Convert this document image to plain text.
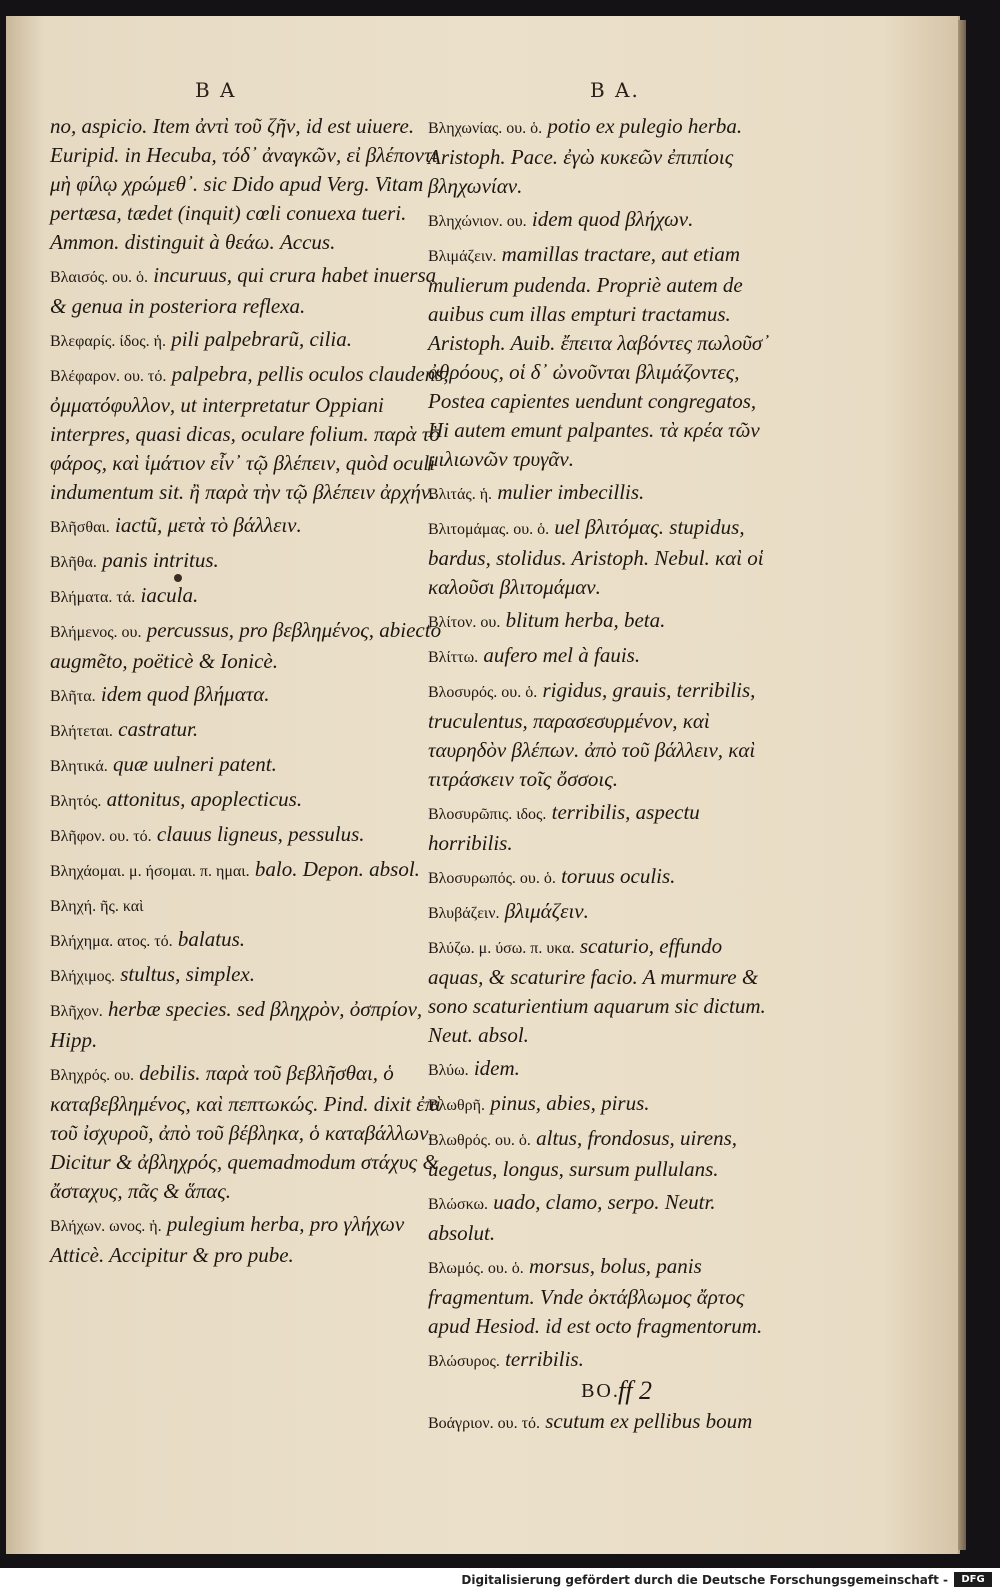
B A	B A.
no, aspicio. Item ἀντὶ τοῦ ζῆν, id est uiuere. Euripid. in Hecuba, τόδ᾽ ἀναγκῶν, εἰ βλέποντι μὴ φίλῳ χρώμεθ᾽. sic Dido apud Verg. Vitam pertæsa, tædet (inquit) cœli conuexa tueri. Ammon. distinguit à θεάω. Accus.
Βλαισός. ου. ὁ. incuruus, qui crura habet inuersa & genua in posteriora reflexa.
Βλεφαρίς. ίδος. ἡ. pili palpebrarũ, cilia.
Βλέφαρον. ου. τό. palpebra, pellis oculos claudens, ὀμματόφυλλον, ut interpretatur Oppiani interpres, quasi dicas, oculare folium. παρὰ τὸ φάρος, καὶ ἱμάτιον εἶν᾽ τῷ βλέπειν, quòd oculi indumentum sit. ἢ παρὰ τὴν τῷ βλέπειν ἀρχήν.
Βλῆσθαι. iactũ, μετὰ τὸ βάλλειν.
Βλῆθα. panis intritus.
Βλήματα. τά. iacula.
Βλήμενος. ου. percussus, pro βεβλημένος, abiecto augmẽto, poëticè & Ionicè.
Βλῆτα. idem quod βλήματα.
Βλήτεται. castratur.
Βλητικά. quæ uulneri patent.
Βλητός. attonitus, apoplecticus.
Βλῆφον. ου. τό. clauus ligneus, pessulus.
Βληχάομαι. μ. ήσομαι. π. ημαι. balo. Depon. absol.
Βληχή. ῆς. καὶ
Βλήχημα. ατος. τό. balatus.
Βλήχιμος. stultus, simplex.
Βλῆχον. herbæ species. sed βληχρὸν, ὀσπρίον, Hipp.
Βληχρός. ου. debilis. παρὰ τοῦ βεβλῆσθαι, ὁ καταβεβλημένος, καὶ πεπτωκώς. Pind. dixit ἐπὶ τοῦ ἰσχυροῦ, ἀπὸ τοῦ βέβληκα, ὁ καταβάλλων. Dicitur & ἀβληχρός, quemadmodum στάχυς & ἄσταχυς, πᾶς & ἅπας.
Βλήχων. ωνος. ἡ. pulegium herba, pro γλήχων Atticè. Accipitur & pro pube.
Βληχωνίας. ου. ὁ. potio ex pulegio herba. Aristoph. Pace. ἐγὼ κυκεῶν ἐπιπίοις βληχωνίαν.
Βληχώνιον. ου. idem quod βλήχων.
Βλιμάζειν. mamillas tractare, aut etiam mulierum pudenda. Propriè autem de auibus cum illas empturi tractamus. Aristoph. Auib. ἔπειτα λαβόντες πωλοῦσ᾽ ἀθρόους, οἱ δ᾽ ὠνοῦνται βλιμάζοντες, Postea capientes uendunt congregatos, Hi autem emunt palpantes. τὰ κρέα τῶν μιλιωνῶν τρυγᾶν.
Βλιτάς. ἡ. mulier imbecillis.
Βλιτομάμας. ου. ὁ. uel βλιτόμας. stupidus, bardus, stolidus. Aristoph. Nebul. καὶ οἱ καλοῦσι βλιτομάμαν.
Βλίτον. ου. blitum herba, beta.
Βλίττω. aufero mel à fauis.
Βλοσυρός. ου. ὁ. rigidus, grauis, terribilis, truculentus, παρασεσυρμένον, καὶ ταυρηδὸν βλέπων. ἀπὸ τοῦ βάλλειν, καὶ τιτράσκειν τοῖς ὄσσοις.
Βλοσυρῶπις. ιδος. terribilis, aspectu horribilis.
Βλοσυρωπός. ου. ὁ. toruus oculis.
Βλυβάζειν. βλιμάζειν.
Βλύζω. μ. ύσω. π. υκα. scaturio, effundo aquas, & scaturire facio. A murmure & sono scaturientium aquarum sic dictum. Neut. absol.
Βλύω. idem.
Βλωθρῆ. pinus, abies, pirus.
Βλωθρός. ου. ὁ. altus, frondosus, uirens, uegetus, longus, sursum pullulans.
Βλώσκω. uado, clamo, serpo. Neutr. absolut.
Βλωμός. ου. ὁ. morsus, bolus, panis fragmentum. Vnde ὀκτάβλωμος ἄρτος apud Hesiod. id est octo fragmentorum.
Βλώσυρος. terribilis.
BO.
Βοάγριον. ου. τό. scutum ex pellibus boum
ff 2
Digitalisierung gefördert durch die Deutsche Forschungsgemeinschaft -	DFG
